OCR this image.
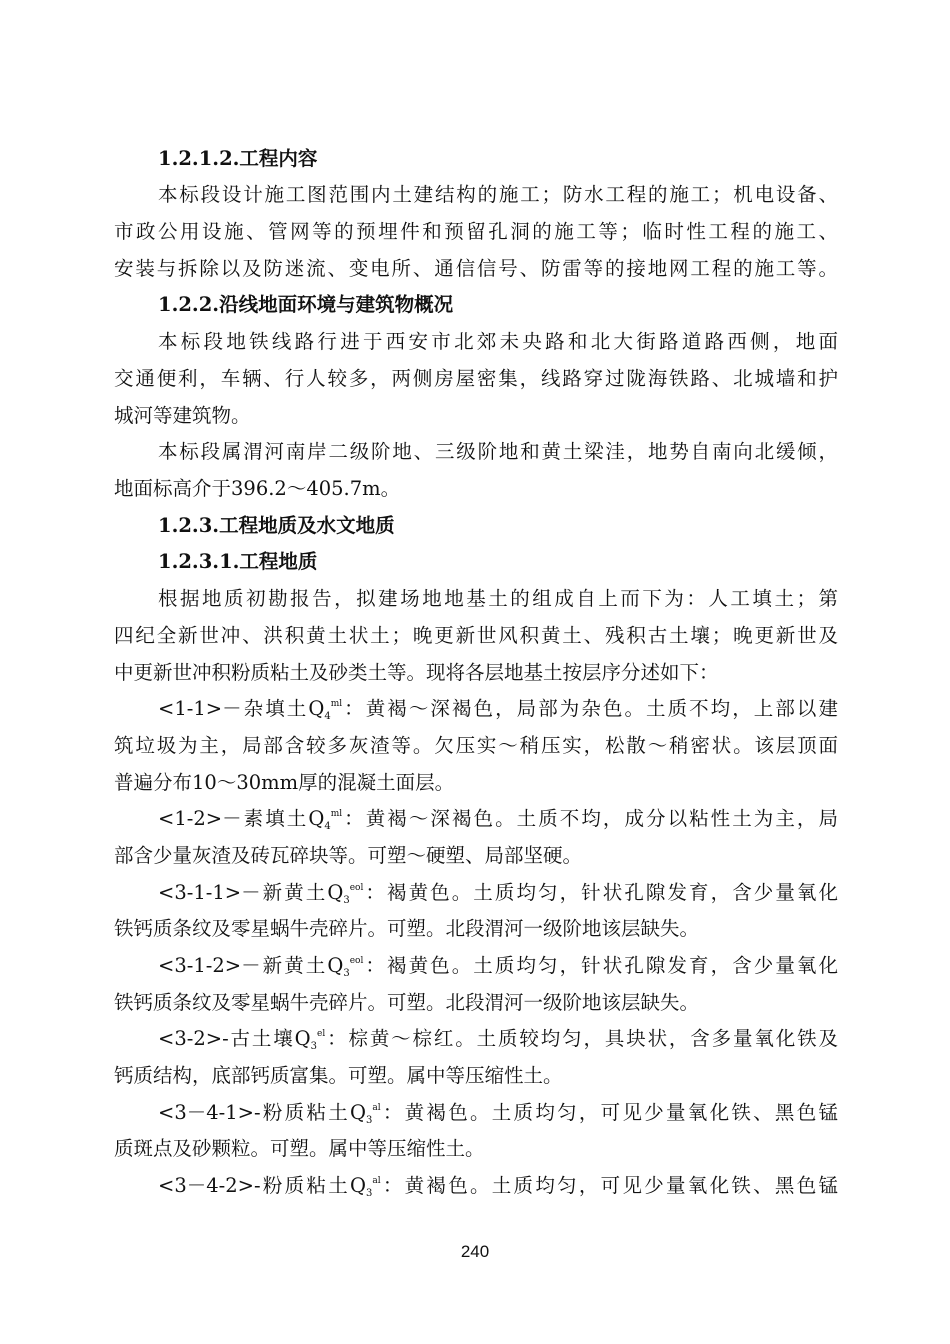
1.2.1.2.工程内容
本标段设计施工图范围内土建结构的施工；防水工程的施工；机电设备、
市政公用设施、管网等的预埋件和预留孔洞的施工等；临时性工程的施工、
安装与拆除以及防迷流、变电所、通信信号、防雷等的接地网工程的施工等。
1.2.2.沿线地面环境与建筑物概况
本标段地铁线路行进于西安市北郊未央路和北大街路道路西侧，地面
交通便利，车辆、行人较多，两侧房屋密集，线路穿过陇海铁路、北城墙和护
城河等建筑物。
本标段属渭河南岸二级阶地、三级阶地和黄土梁洼，地势自南向北缓倾，
地面标高介于396.2～405.7m。
1.2.3.工程地质及水文地质
1.2.3.1.工程地质
根据地质初勘报告，拟建场地地基土的组成自上而下为：人工填土；第
四纪全新世冲、洪积黄土状土；晚更新世风积黄土、残积古土壤；晚更新世及
中更新世冲积粉质粘土及砂类土等。现将各层地基土按层序分述如下：
<1-1>－杂填土$Q_4^{ml}$：黄褐～深褐色，局部为杂色。土质不均，上部以建
筑垃圾为主，局部含较多灰渣等。欠压实～稍压实，松散～稍密状。该层顶面
普遍分布10～30mm厚的混凝土面层。
<1-2>－素填土$Q_4^{ml}$：黄褐～深褐色。土质不均，成分以粘性土为主，局
部含少量灰渣及砖瓦碎块等。可塑～硬塑、局部坚硬。
<3-1-1>－新黄土$Q_3^{eol}$：褐黄色。土质均匀，针状孔隙发育，含少量氧化
铁钙质条纹及零星蜗牛壳碎片。可塑。北段渭河一级阶地该层缺失。
<3-1-2>－新黄土$Q_3^{eol}$：褐黄色。土质均匀，针状孔隙发育，含少量氧化
铁钙质条纹及零星蜗牛壳碎片。可塑。北段渭河一级阶地该层缺失。
<3-2>-古土壤$Q_3^{el}$：棕黄～棕红。土质较均匀，具块状，含多量氧化铁及
钙质结构，底部钙质富集。可塑。属中等压缩性土。
<3－4-1>-粉质粘土$Q_3^{al}$：黄褐色。土质均匀，可见少量氧化铁、黑色锰
质斑点及砂颗粒。可塑。属中等压缩性土。
<3－4-2>-粉质粘土$Q_3^{al}$：黄褐色。土质均匀，可见少量氧化铁、黑色锰
240
